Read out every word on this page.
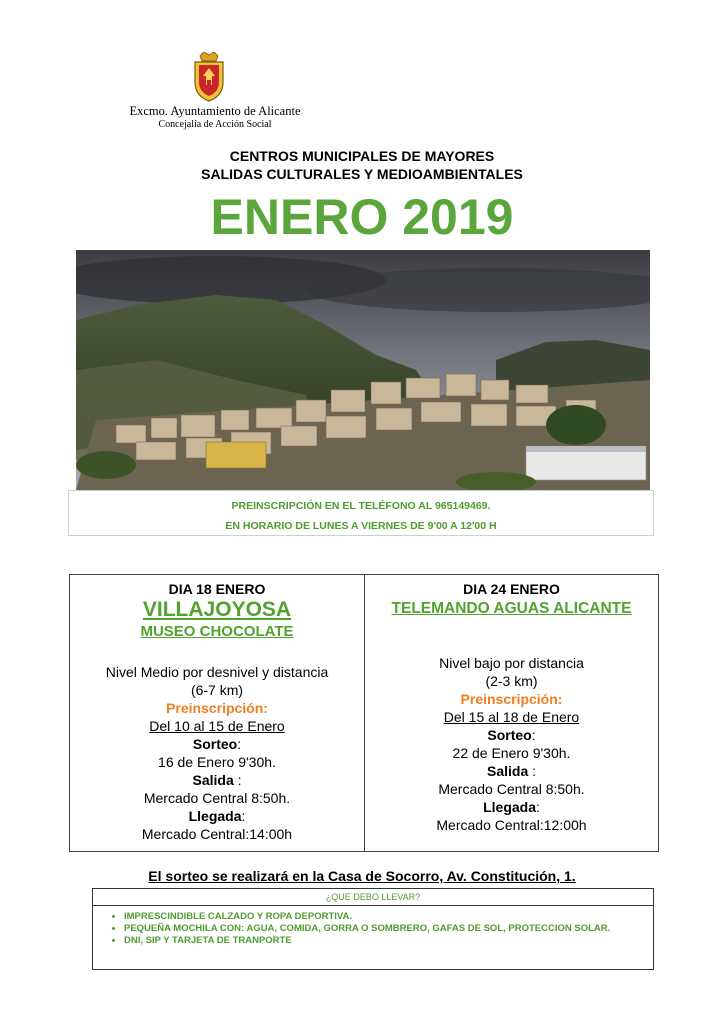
Excmo. Ayuntamiento de Alicante
Concejalía de Acción Social
CENTROS MUNICIPALES DE MAYORES
SALIDAS CULTURALES Y MEDIOAMBIENTALES
ENERO 2019
PREINSCRIPCIÓN EN EL TELÉFONO AL 965149469.
EN HORARIO DE LUNES A VIERNES DE 9'00 A 12'00 H
DIA 18 ENERO
VILLAJOYOSA
MUSEO CHOCOLATE
Nivel Medio por desnivel y distancia
(6-7 km)
Preinscripción:
Del 10 al 15 de Enero
Sorteo:
16 de Enero 9'30h.
Salida :
Mercado Central 8:50h.
Llegada:
Mercado Central:14:00h
DIA 24 ENERO
TELEMANDO AGUAS ALICANTE
Nivel bajo por distancia
(2-3 km)
Preinscripción:
Del 15 al 18 de Enero
Sorteo:
22 de Enero 9'30h.
Salida :
Mercado Central 8:50h.
Llegada:
Mercado Central:12:00h
El sorteo se realizará en la Casa de Socorro, Av. Constitución, 1.
¿QUE DEBO LLEVAR?
• IMPRESCINDIBLE CALZADO Y ROPA DEPORTIVA.
• PEQUEÑA MOCHILA CON: AGUA, COMIDA, GORRA O SOMBRERO, GAFAS DE SOL, PROTECCION SOLAR.
• DNI, SIP Y TARJETA DE TRANPORTE
